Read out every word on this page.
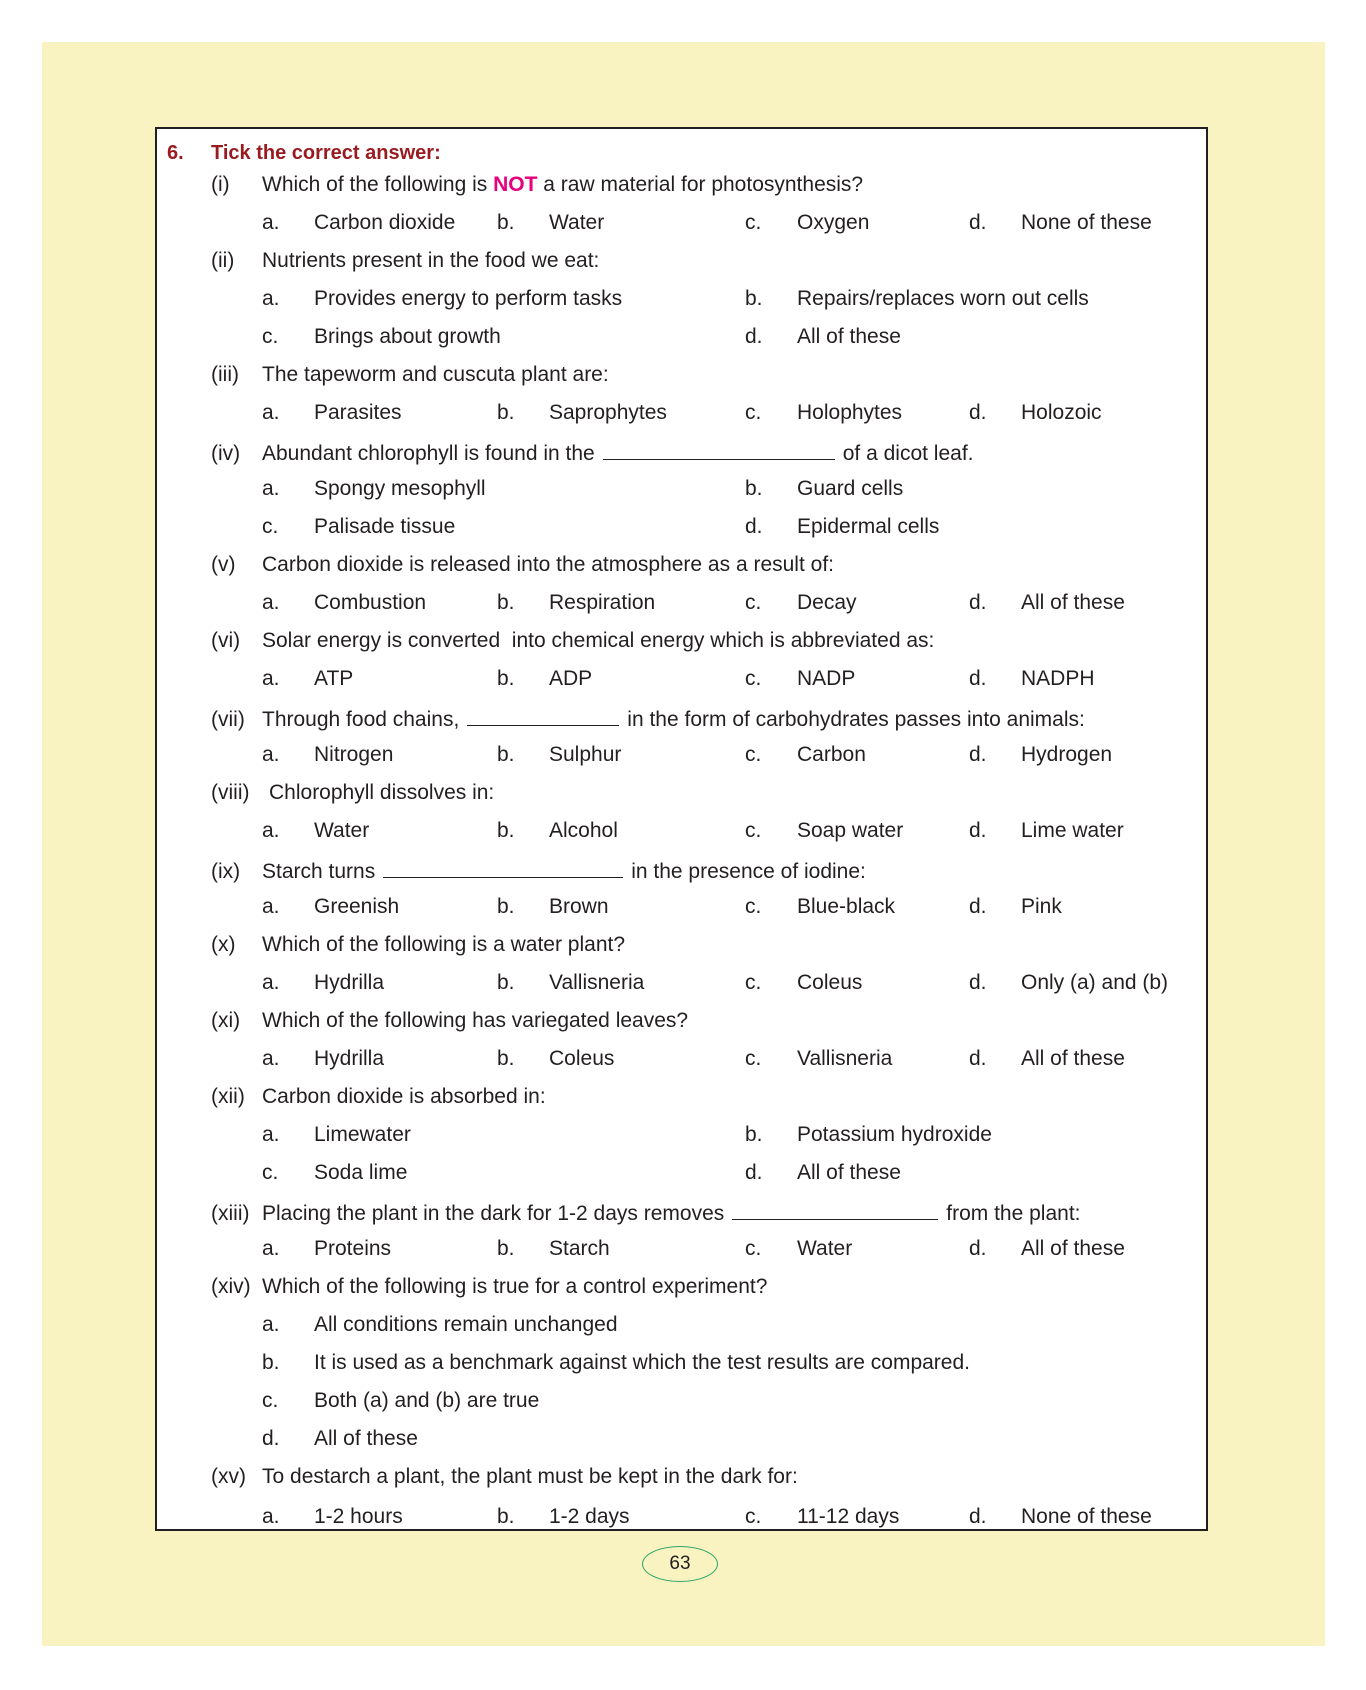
6. Tick the correct answer:
(i) Which of the following is NOT a raw material for photosynthesis?
a. Carbon dioxide b. Water	c. Oxygen	d. None of these
(ii) Nutrients present in the food we eat:
a. Provides energy to perform tasks	b. Repairs/replaces worn out cells
c. Brings about growth	d. All of these
(iii) The tapeworm and cuscuta plant are:
a. Parasites	b. Saprophytes	c. Holophytes	d. Holozoic
(iv) Abundant chlorophyll is found in the	of a dicot leaf.
a. Spongy mesophyll	b. Guard cells
c. Palisade tissue	d. Epidermal cells
(v) Carbon dioxide is released into the atmosphere as a result of:
a. Combustion	b. Respiration	c. Decay	d. All of these
(vi) Solar energy is converted  into chemical energy which is abbreviated as:
a. ATP	b. ADP	c. NADP	d. NADPH
(vii) Through food chains,	in the form of carbohydrates passes into animals:
a. Nitrogen	b. Sulphur	c. Carbon	d. Hydrogen
(viii) Chlorophyll dissolves in:
a. Water	b. Alcohol	c. Soap water	d. Lime water
(ix) Starch turns	in the presence of iodine:
a. Greenish	b. Brown	c. Blue-black	d. Pink
(x) Which of the following is a water plant?
a. Hydrilla	b. Vallisneria	c. Coleus	d. Only (a) and (b)
(xi) Which of the following has variegated leaves?
a. Hydrilla	b. Coleus	c. Vallisneria	d. All of these
(xii) Carbon dioxide is absorbed in:
a. Limewater	b. Potassium hydroxide
c. Soda lime	d. All of these
(xiii) Placing the plant in the dark for 1-2 days removes	from the plant:
a. Proteins	b. Starch	c. Water	d. All of these
(xiv) Which of the following is true for a control experiment?
a. All conditions remain unchanged
b. It is used as a benchmark against which the test results are compared.
c. Both (a) and (b) are true
d. All of these
(xv) To destarch a plant, the plant must be kept in the dark for:
a. 1-2 hours	b. 1-2 days	c. 11-12 days	d. None of these
63
